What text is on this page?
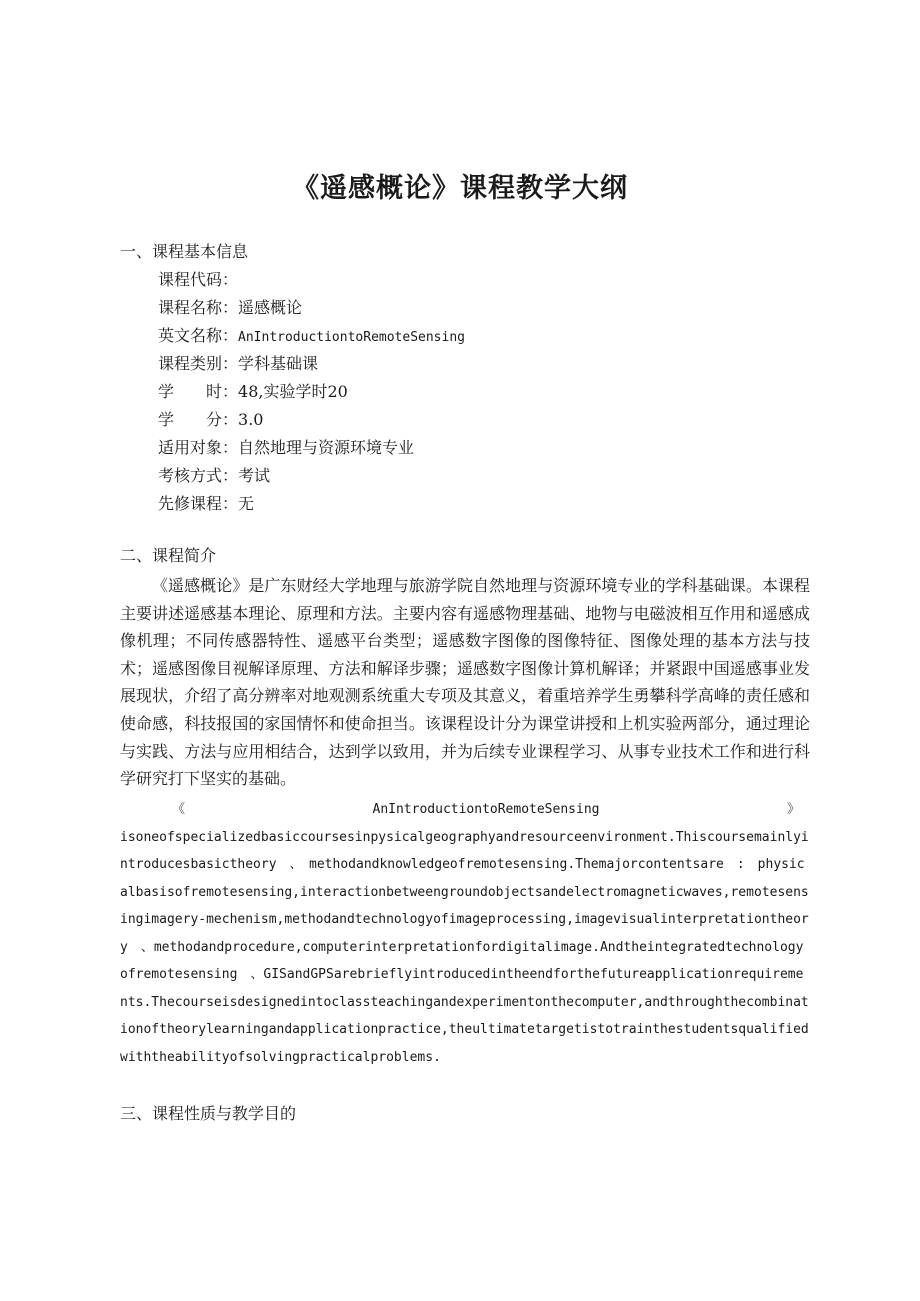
《遥感概论》课程教学大纲
一、课程基本信息
课程代码：
课程名称：遥感概论
英文名称：AnIntroductiontoRemoteSensing
课程类别：学科基础课
学　　时：48,实验学时20
学　　分：3.0
适用对象：自然地理与资源环境专业
考核方式：考试
先修课程：无
二、课程简介
《遥感概论》是广东财经大学地理与旅游学院自然地理与资源环境专业的学科基础课。本课程主要讲述遥感基本理论、原理和方法。主要内容有遥感物理基础、地物与电磁波相互作用和遥感成像机理；不同传感器特性、遥感平台类型；遥感数字图像的图像特征、图像处理的基本方法与技术；遥感图像目视解译原理、方法和解译步骤；遥感数字图像计算机解译；并紧跟中国遥感事业发展现状，介绍了高分辨率对地观测系统重大专项及其意义，着重培养学生勇攀科学高峰的责任感和使命感，科技报国的家国情怀和使命担当。该课程设计分为课堂讲授和上机实验两部分，通过理论与实践、方法与应用相结合，达到学以致用，并为后续专业课程学习、从事专业技术工作和进行科学研究打下坚实的基础。
《	AnIntroductiontoRemoteSensing	》
isoneofspecializedbasiccoursesinpysicalgeographyandresourceenvironment.Thiscoursemainlyintroducesbasictheory　、　methodandknowledgeofremotesensing.Themajorcontentsare　:　physicalbasisofremotesensing,interactionbetweengroundobjectsandelectromagneticwaves,remotesensingimagery-mechenism,methodandtechnologyofimageprocessing,imagevisualinterpretationtheory　、methodandprocedure,computerinterpretationfordigitalimage.Andtheintegratedtechnologyofremotesensing　、GISandGPSarebrieflyintroducedintheendforthefutureapplicationrequirements.Thecourseisdesignedintoclassteachingandexperimentonthecomputer,andthroughthecombinationoftheorylearningandapplicationpractice,theultimatetargetistotrainthestudentsqualifiedwiththeabilityofsolvingpracticalproblems.
三、课程性质与教学目的
